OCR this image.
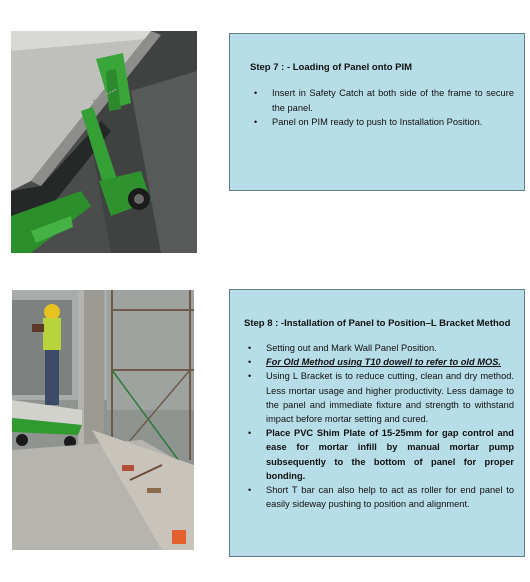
Step 7 : - Loading of Panel onto PIM
• Insert in Safety Catch at both side of the frame to secure the panel.
• Panel on PIM ready to push to Installation Position.
Step 8 : -Installation of Panel to Position–L Bracket Method
• Setting out and Mark Wall Panel Position.
• For Old Method using T10 dowell to refer to old MOS.
• Using L Bracket is to reduce cutting, clean and dry method. Less mortar usage and higher productivity. Less damage to the panel and immediate fixture and strength to withstand impact before mortar setting and cured.
• Place PVC Shim Plate of 15-25mm for gap control and ease for mortar infill by manual mortar pump subsequently to the bottom of panel for proper bonding.
• Short T bar can also help to act as roller for end panel to easily sideway pushing to position and alignment.
